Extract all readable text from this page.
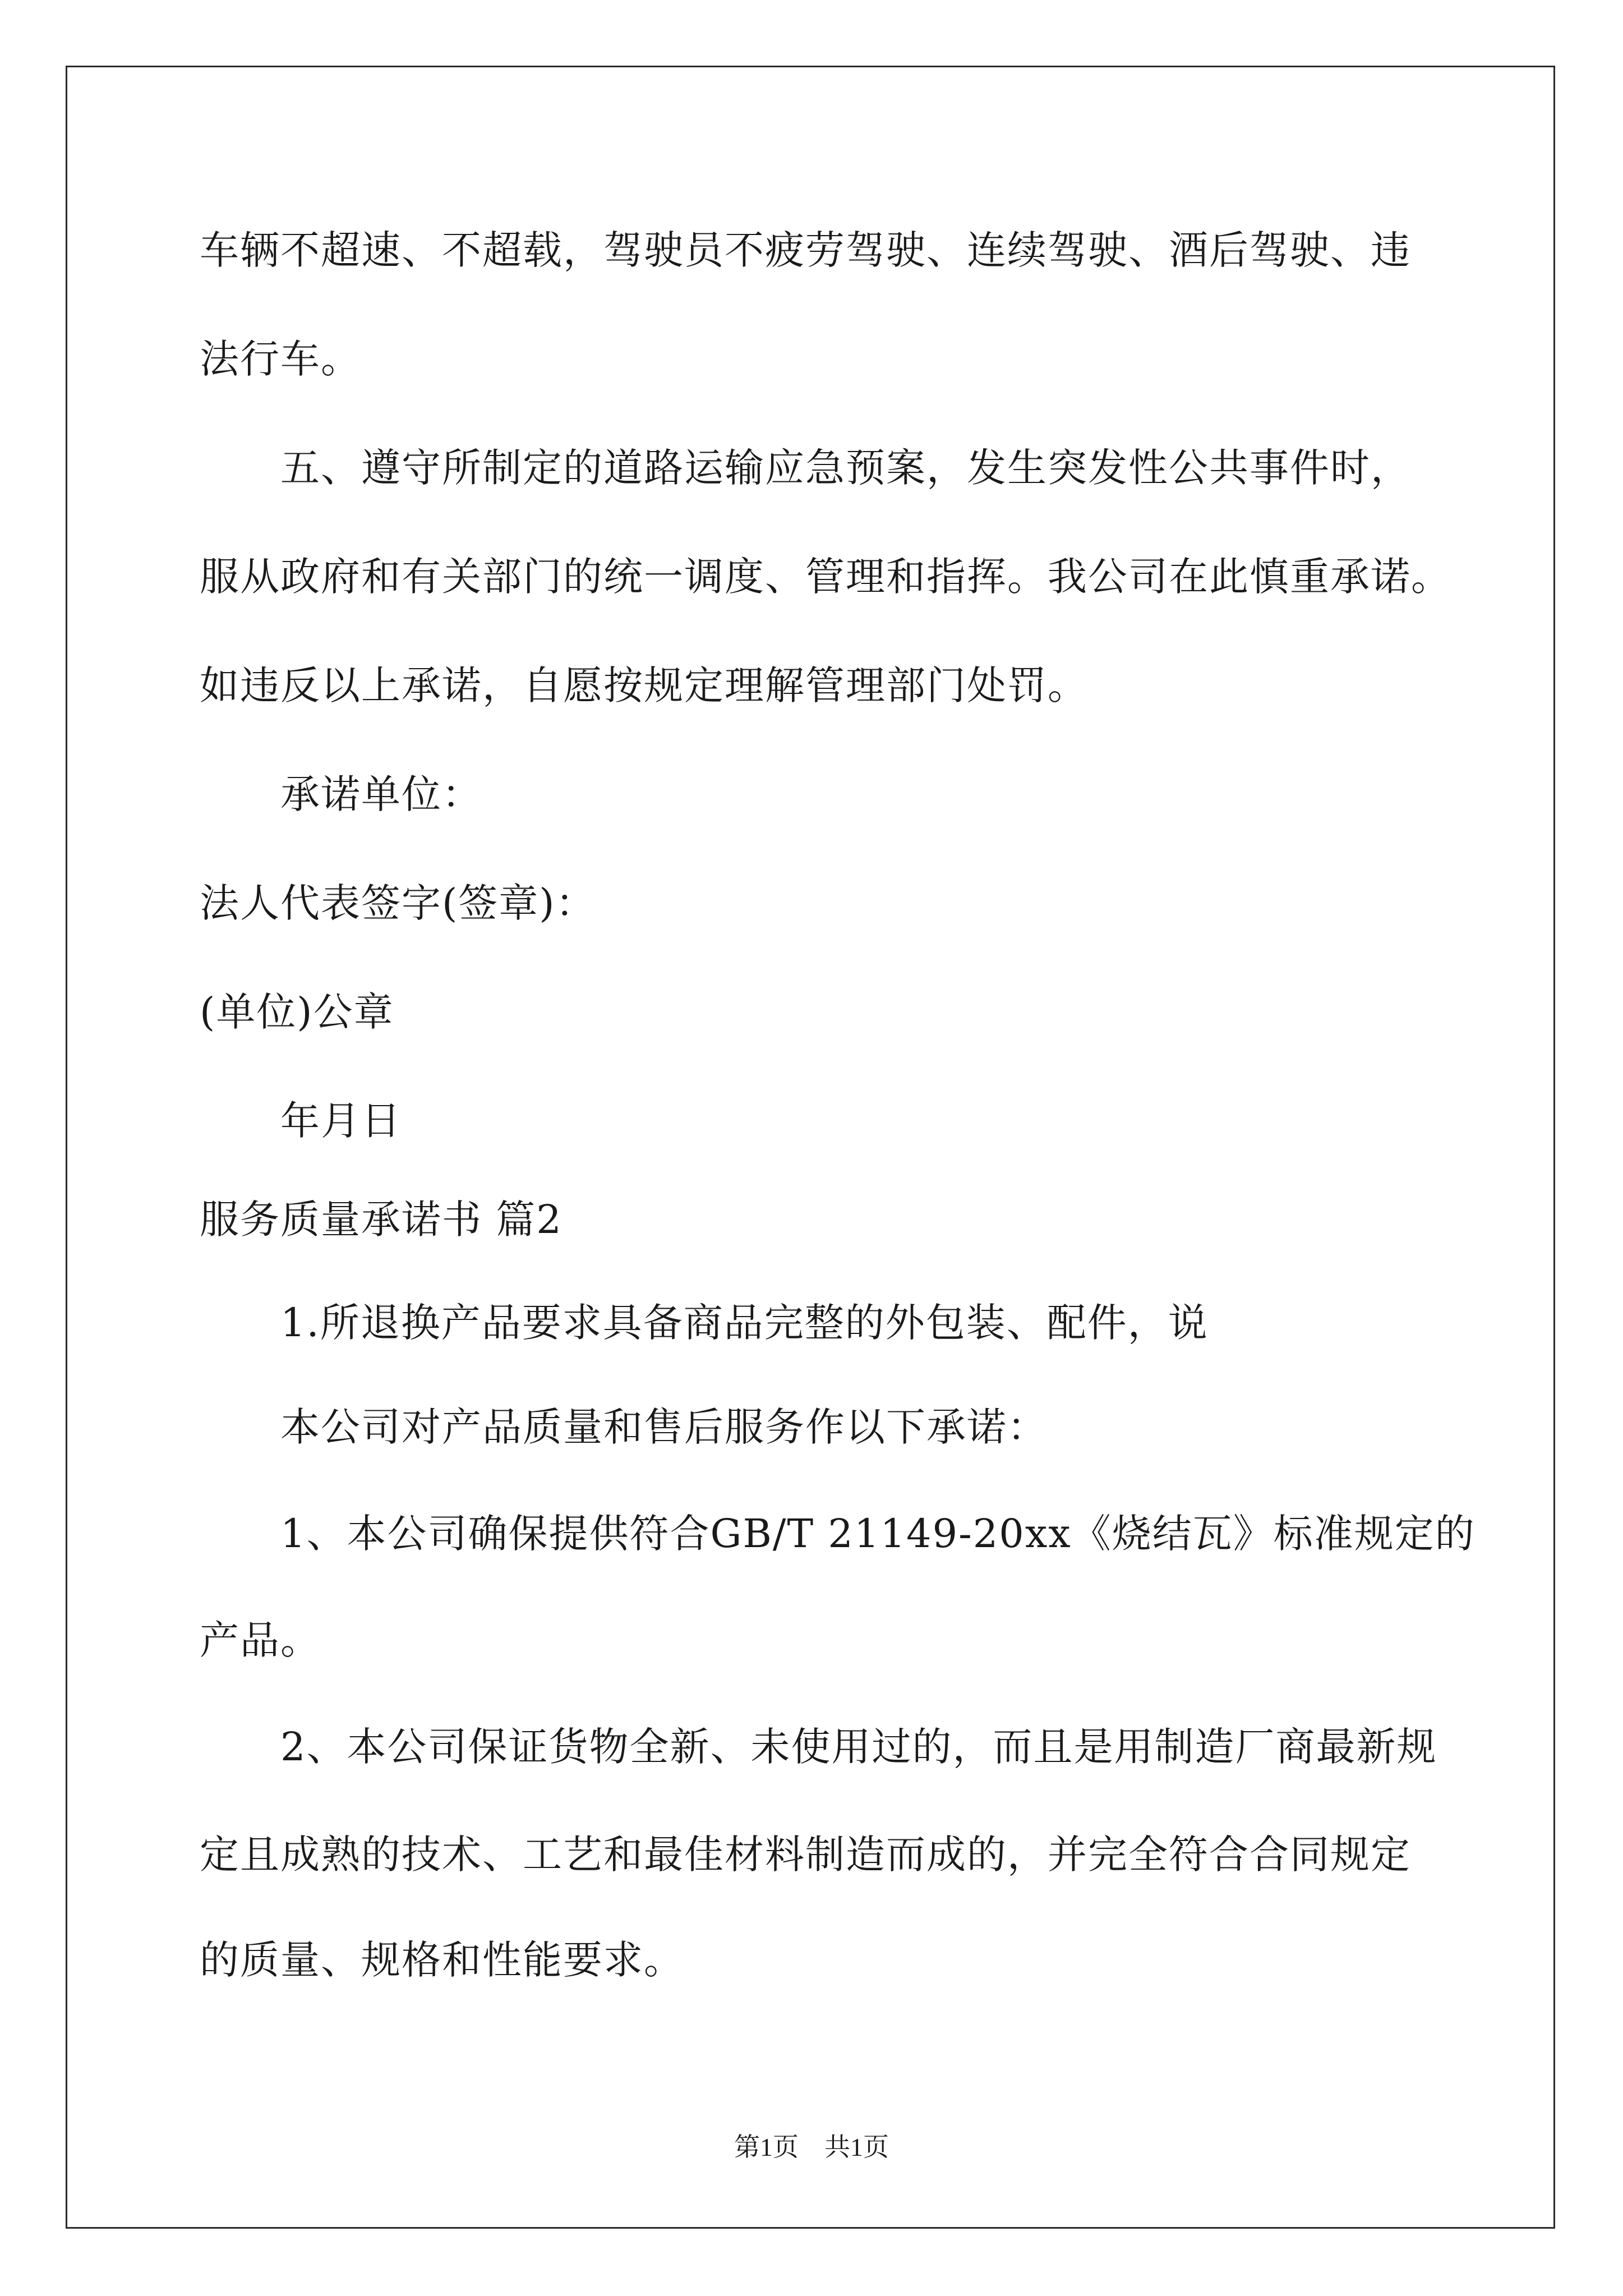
车辆不超速、不超载，驾驶员不疲劳驾驶、连续驾驶、酒后驾驶、违
法行车。
五、遵守所制定的道路运输应急预案，发生突发性公共事件时，
服从政府和有关部门的统一调度、管理和指挥。我公司在此慎重承诺。
如违反以上承诺，自愿按规定理解管理部门处罚。
承诺单位：
法人代表签字(签章)：
(单位)公章
年月日
服务质量承诺书 篇2
1.所退换产品要求具备商品完整的外包装、配件，说
本公司对产品质量和售后服务作以下承诺：
1、本公司确保提供符合GB/T 21149-20xx《烧结瓦》标准规定的
产品。
2、本公司保证货物全新、未使用过的，而且是用制造厂商最新规
定且成熟的技术、工艺和最佳材料制造而成的，并完全符合合同规定
的质量、规格和性能要求。
第1页　共1页
